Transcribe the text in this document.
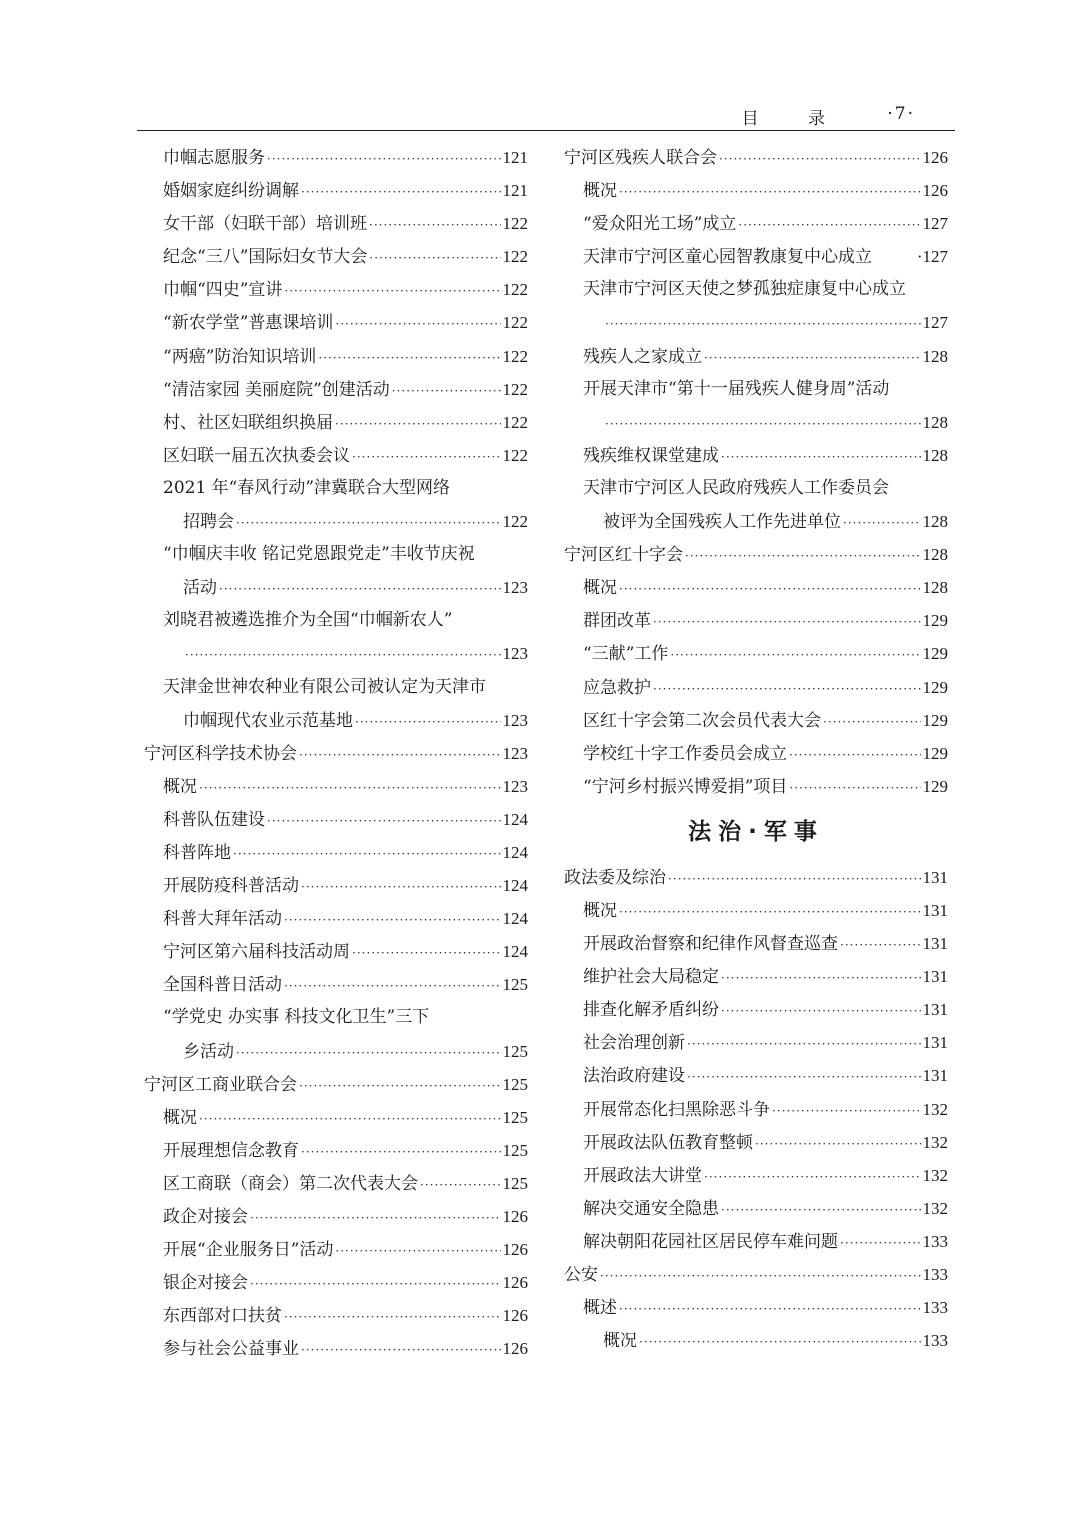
目 录 ·7·
巾帼志愿服务 ·····	121
婚姻家庭纠纷调解 ·····	121
女干部（妇联干部）培训班 ·····	122
纪念“三八”国际妇女节大会 ·····	122
巾帼“四史”宣讲 ·····	122
“新农学堂”普惠课培训 ·····	122
“两癌”防治知识培训 ·····	122
“清洁家园 美丽庭院”创建活动 ·····	122
村、社区妇联组织换届 ·····	122
区妇联一届五次执委会议 ·····	122
2021 年“春风行动”津冀联合大型网络
招聘会 ·····	122
“巾帼庆丰收 铭记党恩跟党走”丰收节庆祝
活动 ·····	123
刘晓君被遴选推介为全国“巾帼新农人”
·····
123
天津金世神农种业有限公司被认定为天津市
巾帼现代农业示范基地 ·····	123
宁河区科学技术协会 ·····	123
概况 ·····	123
科普队伍建设 ·····	124
科普阵地 ·····	124
开展防疫科普活动 ·····	124
科普大拜年活动 ·····	124
宁河区第六届科技活动周 ·····	124
全国科普日活动 ·····	125
“学党史 办实事 科技文化卫生”三下
乡活动 ·····	125
宁河区工商业联合会 ·····	125
概况 ·····	125
开展理想信念教育 ·····	125
区工商联（商会）第二次代表大会 ·····	125
政企对接会 ·····	126
开展“企业服务日”活动 ·····	126
银企对接会 ·····	126
东西部对口扶贫 ·····	126
参与社会公益事业 ·····	126
宁河区残疾人联合会 ·····	126
概况 ·····	126
“爱众阳光工场”成立 ·····	127
天津市宁河区童心园智教康复中心成立	·127
天津市宁河区天使之梦孤独症康复中心成立
·····
127
残疾人之家成立 ·····	128
开展天津市“第十一届残疾人健身周”活动
·····
128
残疾维权课堂建成 ·····	128
天津市宁河区人民政府残疾人工作委员会
被评为全国残疾人工作先进单位 ·····	128
宁河区红十字会 ·····	128
概况 ·····	128
群团改革 ·····	129
“三献”工作 ·····	129
应急救护 ·····	129
区红十字会第二次会员代表大会 ·····	129
学校红十字工作委员会成立 ·····	129
“宁河乡村振兴博爱捐”项目 ·····	129
法治·军事
政法委及综治 ·····	131
概况 ·····	131
开展政治督察和纪律作风督查巡查 ·····	131
维护社会大局稳定 ·····	131
排查化解矛盾纠纷 ·····	131
社会治理创新 ·····	131
法治政府建设 ·····	131
开展常态化扫黑除恶斗争 ·····	132
开展政法队伍教育整顿 ·····	132
开展政法大讲堂 ·····	132
解决交通安全隐患 ·····	132
解决朝阳花园社区居民停车难问题 ·····	133
公安 ·····	133
概述 ·····	133
概况 ·····	133
